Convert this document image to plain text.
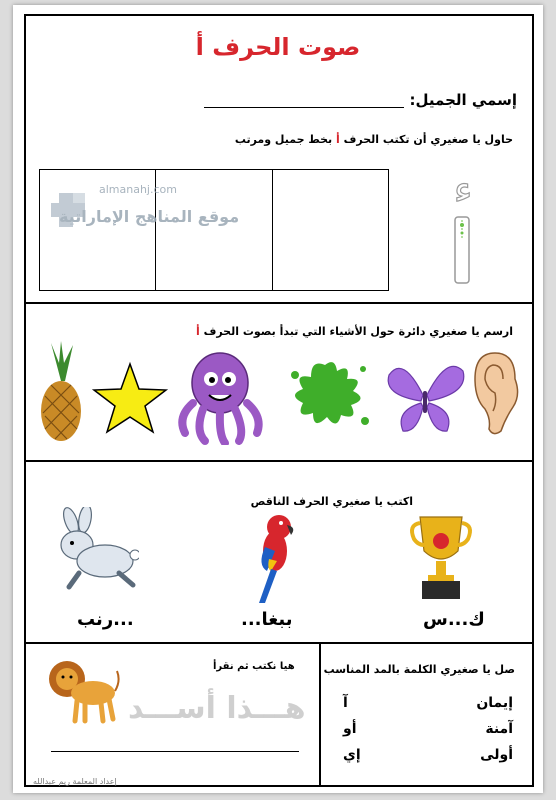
صوت الحرف أ
إسمي الجميل:
حاول يا صغيري أن تكتب الحرف أ بخط جميل ومرتب
almanahj.com
موقع المناهج الإماراتية
ء
ارسم يا صغيري دائرة حول الأشياء التي تبدأ بصوت الحرف أ
اكتب يا صغيري الحرف الناقص
ك...س
ببغا...
...رنب
صل يا صغيري الكلمة بالمد المناسب
إيمان
آمنة
أولى
آ
أو
إي
هيا نكتب ثم نقرأ
هـــذا أســـد
إعداد المعلمة ريم عبدالله
